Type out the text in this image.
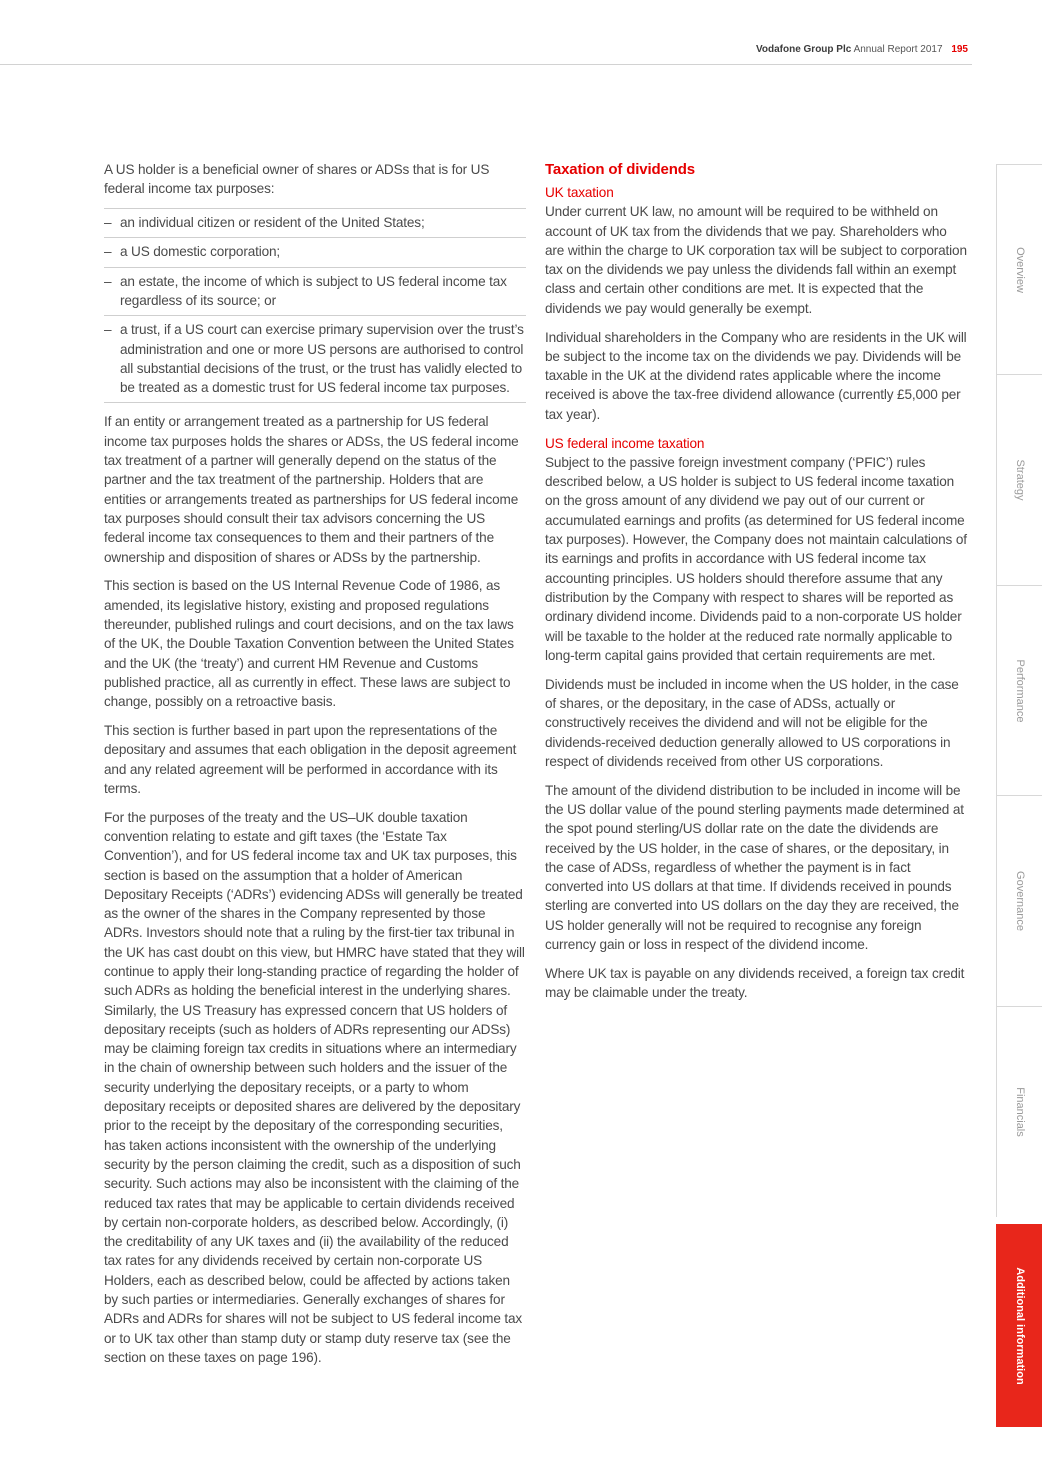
Vodafone Group Plc Annual Report 2017 195

A US holder is a beneficial owner of shares or ADSs that is for US federal income tax purposes:

– an individual citizen or resident of the United States;
– a US domestic corporation;
– an estate, the income of which is subject to US federal income tax regardless of its source; or
– a trust, if a US court can exercise primary supervision over the trust’s administration and one or more US persons are authorised to control all substantial decisions of the trust, or the trust has validly elected to be treated as a domestic trust for US federal income tax purposes.

If an entity or arrangement treated as a partnership for US federal income tax purposes holds the shares or ADSs, the US federal income tax treatment of a partner will generally depend on the status of the partner and the tax treatment of the partnership. Holders that are entities or arrangements treated as partnerships for US federal income tax purposes should consult their tax advisors concerning the US federal income tax consequences to them and their partners of the ownership and disposition of shares or ADSs by the partnership.

This section is based on the US Internal Revenue Code of 1986, as amended, its legislative history, existing and proposed regulations thereunder, published rulings and court decisions, and on the tax laws of the UK, the Double Taxation Convention between the United States and the UK (the ‘treaty’) and current HM Revenue and Customs published practice, all as currently in effect. These laws are subject to change, possibly on a retroactive basis.

This section is further based in part upon the representations of the depositary and assumes that each obligation in the deposit agreement and any related agreement will be performed in accordance with its terms.

For the purposes of the treaty and the US–UK double taxation convention relating to estate and gift taxes (the ‘Estate Tax Convention’), and for US federal income tax and UK tax purposes, this section is based on the assumption that a holder of American Depositary Receipts (‘ADRs’) evidencing ADSs will generally be treated as the owner of the shares in the Company represented by those ADRs. Investors should note that a ruling by the first-tier tax tribunal in the UK has cast doubt on this view, but HMRC have stated that they will continue to apply their long-standing practice of regarding the holder of such ADRs as holding the beneficial interest in the underlying shares. Similarly, the US Treasury has expressed concern that US holders of depositary receipts (such as holders of ADRs representing our ADSs) may be claiming foreign tax credits in situations where an intermediary in the chain of ownership between such holders and the issuer of the security underlying the depositary receipts, or a party to whom depositary receipts or deposited shares are delivered by the depositary prior to the receipt by the depositary of the corresponding securities, has taken actions inconsistent with the ownership of the underlying security by the person claiming the credit, such as a disposition of such security. Such actions may also be inconsistent with the claiming of the reduced tax rates that may be applicable to certain dividends received by certain non-corporate holders, as described below. Accordingly, (i) the creditability of any UK taxes and (ii) the availability of the reduced tax rates for any dividends received by certain non-corporate US Holders, each as described below, could be affected by actions taken by such parties or intermediaries. Generally exchanges of shares for ADRs and ADRs for shares will not be subject to US federal income tax or to UK tax other than stamp duty or stamp duty reserve tax (see the section on these taxes on page 196).

Taxation of dividends
UK taxation

Under current UK law, no amount will be required to be withheld on account of UK tax from the dividends that we pay. Shareholders who are within the charge to UK corporation tax will be subject to corporation tax on the dividends we pay unless the dividends fall within an exempt class and certain other conditions are met. It is expected that the dividends we pay would generally be exempt.

Individual shareholders in the Company who are residents in the UK will be subject to the income tax on the dividends we pay. Dividends will be taxable in the UK at the dividend rates applicable where the income received is above the tax-free dividend allowance (currently £5,000 per tax year).

US federal income taxation

Subject to the passive foreign investment company (‘PFIC’) rules described below, a US holder is subject to US federal income taxation on the gross amount of any dividend we pay out of our current or accumulated earnings and profits (as determined for US federal income tax purposes). However, the Company does not maintain calculations of its earnings and profits in accordance with US federal income tax accounting principles. US holders should therefore assume that any distribution by the Company with respect to shares will be reported as ordinary dividend income. Dividends paid to a non-corporate US holder will be taxable to the holder at the reduced rate normally applicable to long-term capital gains provided that certain requirements are met.

Dividends must be included in income when the US holder, in the case of shares, or the depositary, in the case of ADSs, actually or constructively receives the dividend and will not be eligible for the dividends-received deduction generally allowed to US corporations in respect of dividends received from other US corporations.

The amount of the dividend distribution to be included in income will be the US dollar value of the pound sterling payments made determined at the spot pound sterling/US dollar rate on the date the dividends are received by the US holder, in the case of shares, or the depositary, in the case of ADSs, regardless of whether the payment is in fact converted into US dollars at that time. If dividends received in pounds sterling are converted into US dollars on the day they are received, the US holder generally will not be required to recognise any foreign currency gain or loss in respect of the dividend income.

Where UK tax is payable on any dividends received, a foreign tax credit may be claimable under the treaty.

Overview
Strategy
Performance
Governance
Financials
Additional information
